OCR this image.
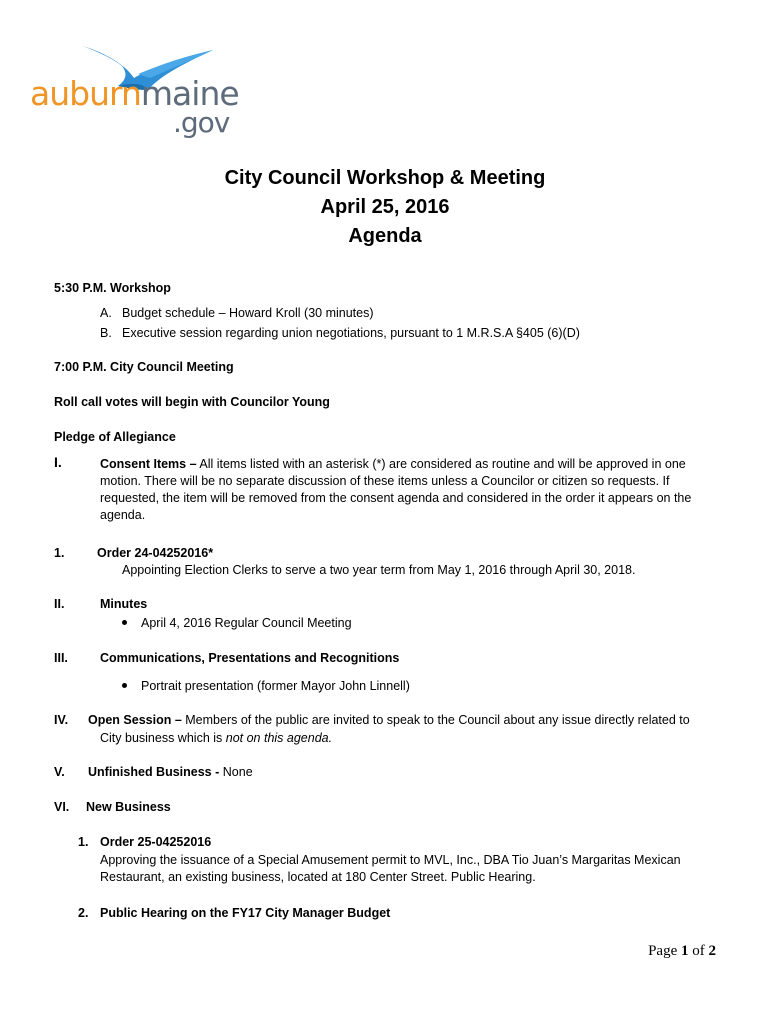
auburnmaine
.gov
City Council Workshop & Meeting
April 25, 2016
Agenda
5:30 P.M. Workshop
A. Budget schedule – Howard Kroll (30 minutes)
B. Executive session regarding union negotiations, pursuant to 1 M.R.S.A §405 (6)(D)
7:00 P.M. City Council Meeting
Roll call votes will begin with Councilor Young
Pledge of Allegiance
I.	Consent Items – All items listed with an asterisk (*) are considered as routine and will be approved in one
motion. There will be no separate discussion of these items unless a Councilor or citizen so requests. If
requested, the item will be removed from the consent agenda and considered in the order it appears on the
agenda.
1.	Order 24-04252016*
Appointing Election Clerks to serve a two year term from May 1, 2016 through April 30, 2018.
II.	Minutes
April 4, 2016 Regular Council Meeting
III.	Communications, Presentations and Recognitions
Portrait presentation (former Mayor John Linnell)
IV. Open Session – Members of the public are invited to speak to the Council about any issue directly related to
City business which is not on this agenda.
V. Unfinished Business - None
VI. New Business
1. Order 25-04252016
Approving the issuance of a Special Amusement permit to MVL, Inc., DBA Tio Juan’s Margaritas Mexican
Restaurant, an existing business, located at 180 Center Street. Public Hearing.
2. Public Hearing on the FY17 City Manager Budget
Page 1 of 2
